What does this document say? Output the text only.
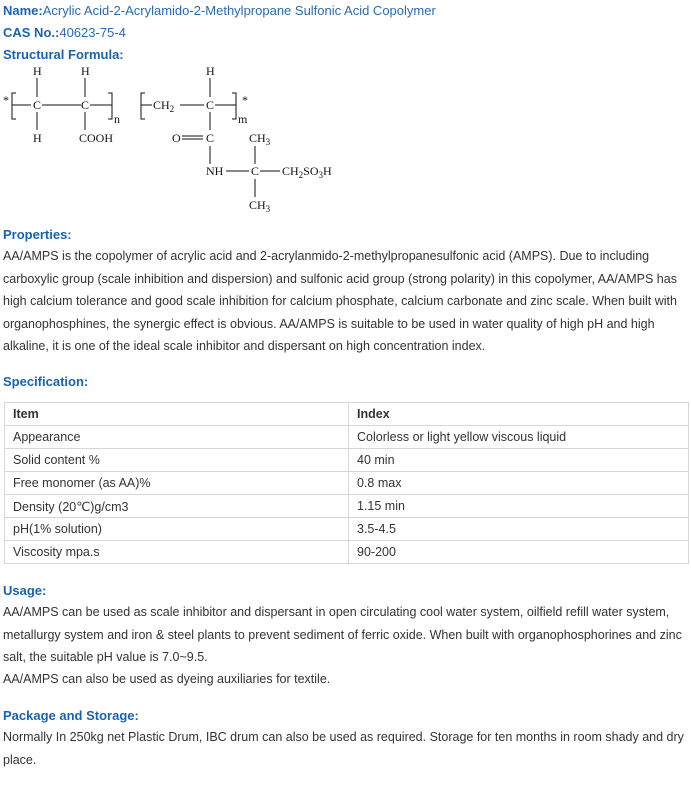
Name:Acrylic Acid-2-Acrylamido-2-Methylpropane Sulfonic Acid Copolymer
CAS No.:40623-75-4
Structural Formula:
*
n
H
C
H
H
C
COOH
$CH_2$
H
C
m
*
O C
NH C
$CH_3$
$CH_2SO_3H$
$CH_3$
Properties:

AA/AMPS is the copolymer of acrylic acid and 2-acrylanmido-2-methylpropanesulfonic acid (AMPS). Due to including carboxylic group (scale inhibition and dispersion) and sulfonic acid group (strong polarity) in this copolymer, AA/AMPS has high calcium tolerance and good scale inhibition for calcium phosphate, calcium carbonate and zinc scale. When built with organophosphines, the synergic effect is obvious. AA/AMPS is suitable to be used in water quality of high pH and high alkaline, it is one of the ideal scale inhibitor and dispersant on high concentration index.

Specification:
Item	Index
Appearance	Colorless or light yellow viscous liquid
Solid content %	40 min
Free monomer (as AA)%	0.8 max
Density (20℃)g/cm3	1.15 min
pH(1% solution)	3.5-4.5
Viscosity mpa.s	90-200
Usage:

AA/AMPS can be used as scale inhibitor and dispersant in open circulating cool water system, oilfield refill water system, metallurgy system and iron & steel plants to prevent sediment of ferric oxide. When built with organophosphorines and zinc salt, the suitable pH value is 7.0~9.5.

AA/AMPS can also be used as dyeing auxiliaries for textile.

Package and Storage:

Normally In 250kg net Plastic Drum, IBC drum can also be used as required. Storage for ten months in room shady and dry place.
